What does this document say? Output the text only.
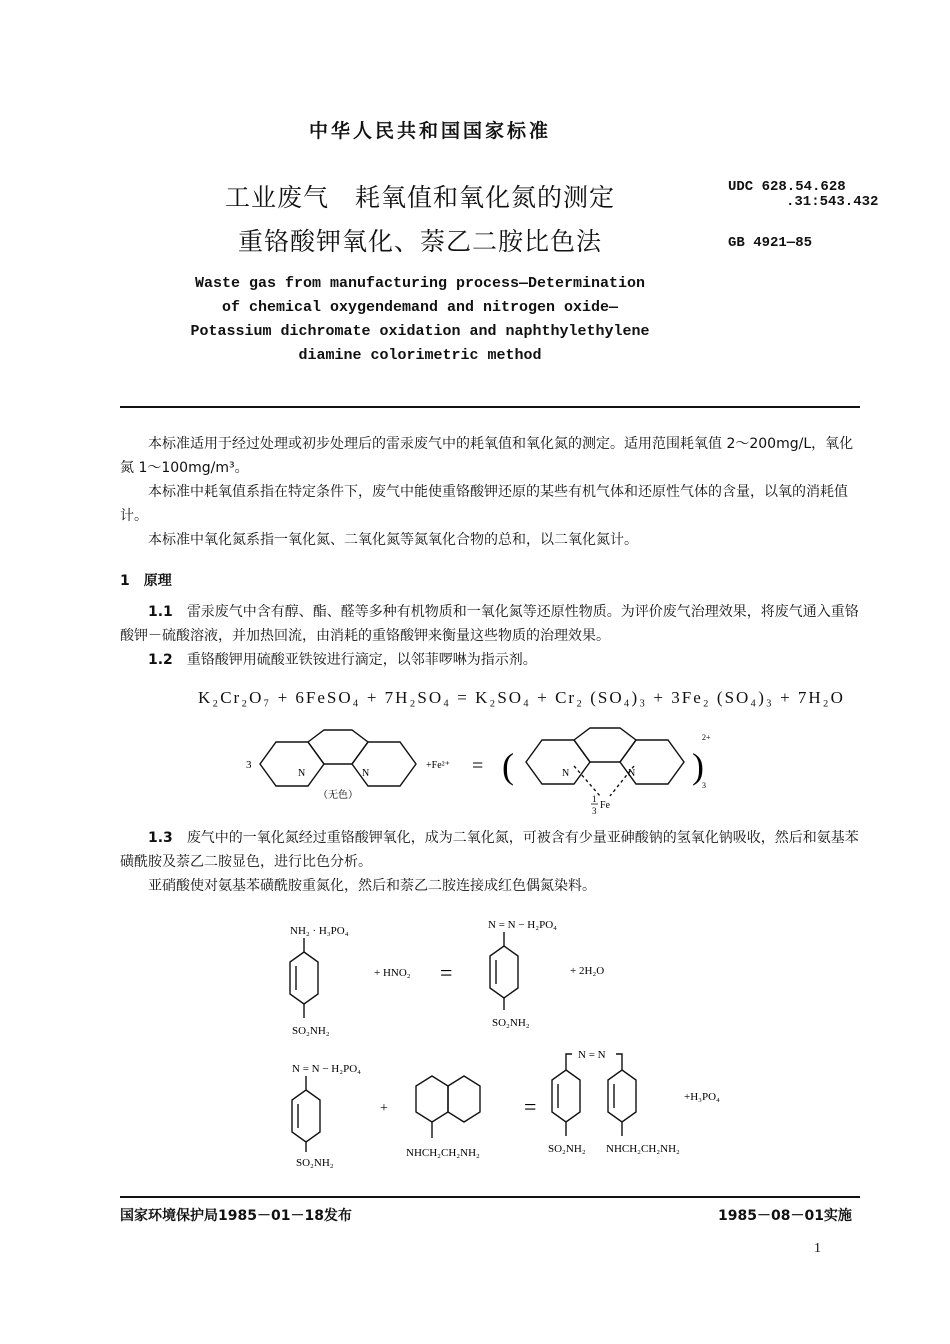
中华人民共和国国家标准
工业废气　耗氧值和氧化氮的测定
重铬酸钾氧化、萘乙二胺比色法
UDC 628.54.628
.31:543.432
GB 4921—85
Waste gas from manufacturing process—Determination
of chemical oxygendemand and nitrogen oxide—
Potassium dichromate oxidation and naphthylethylene
diamine colorimetric method

本标准适用于经过处理或初步处理后的雷汞废气中的耗氧值和氧化氮的测定。适用范围耗氧值 2～200mg/L，氧化氮 1～100mg/m³。

本标准中耗氧值系指在特定条件下，废气中能使重铬酸钾还原的某些有机气体和还原性气体的含量，以氧的消耗值计。

本标准中氧化氮系指一氧化氮、二氧化氮等氮氧化合物的总和，以二氧化氮计。

1　原理

1.1　 雷汞废气中含有醇、酯、醛等多种有机物质和一氧化氮等还原性物质。为评价废气治理效果，将废气通入重铬酸钾－硫酸溶液，并加热回流，由消耗的重铬酸钾来衡量这些物质的治理效果。

1.2　 重铬酸钾用硫酸亚铁铵进行滴定，以邻菲啰啉为指示剂。

K₂Cr₂O₇ + 6FeSO₄ + 7H₂SO₄ = K₂SO₄ + Cr₂ (SO₄)₃ + 3Fe₂ (SO₄)₃ + 7H₂O
3
N	N
+Fe²⁺ =
（无色）
(	N	N )
2+
3
1
3 Fe

1.3　 废气中的一氧化氮经过重铬酸钾氧化，成为二氧化氮，可被含有少量亚砷酸钠的氢氧化钠吸收，然后和氨基苯磺酰胺及萘乙二胺显色，进行比色分析。

亚硝酸使对氨基苯磺酰胺重氮化，然后和萘乙二胺连接成红色偶氮染料。

NH₂ · H₃PO₄
SO₂NH₂
+ HNO₂ =
N = N − H₂PO₄
SO₂NH₂
+ 2H₂O
N = N − H₂PO₄
SO₂NH₂
+
NHCH₂CH₂NH₂
=
N = N
+H₃PO₄
SO₂NH₂ NHCH₂CH₂NH₂
国家环境保护局1985－01－18发布	1985－08－01实施
1
